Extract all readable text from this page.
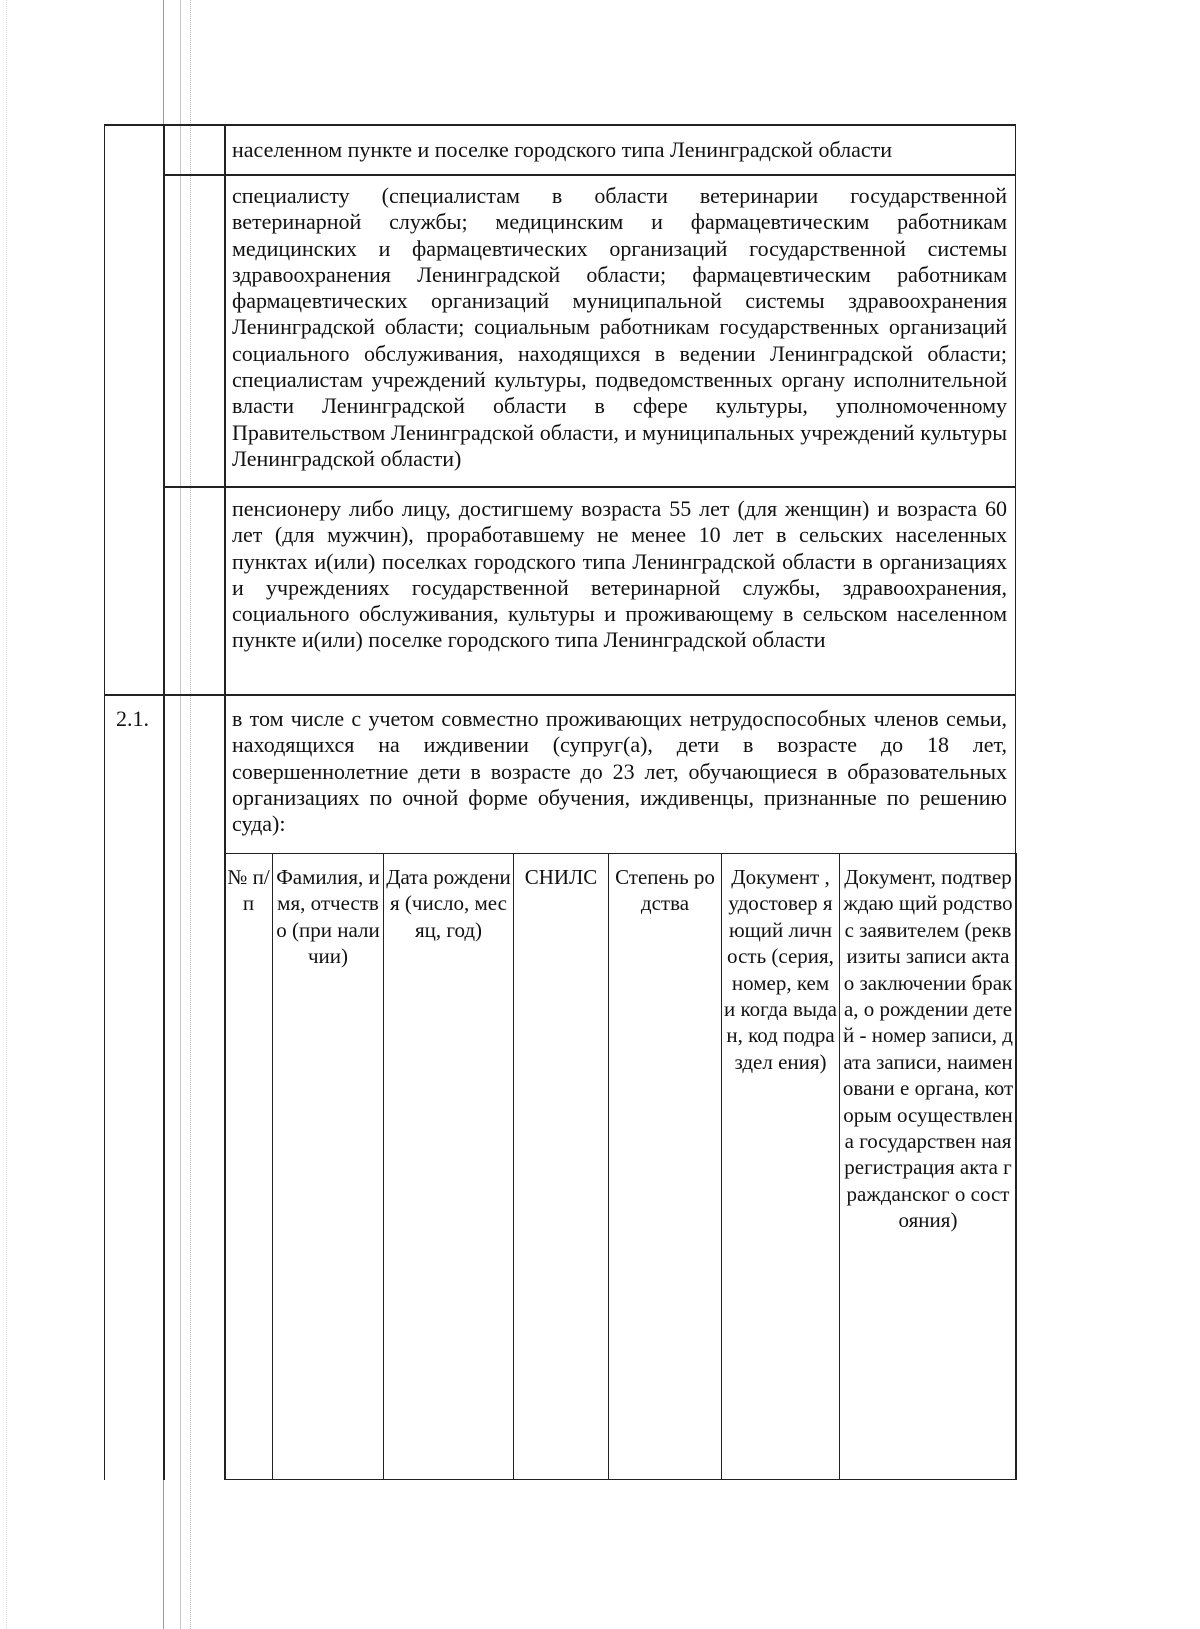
населенном пункте и поселке городского типа Ленинградской области
специалисту (специалистам в области ветеринарии государственной ветеринарной службы; медицинским и фармацевтическим работникам медицинских и фармацевтических организаций государственной системы здравоохранения Ленинградской области; фармацевтическим работникам фармацевтических организаций муниципальной системы здравоохранения Ленинградской области; социальным работникам государственных организаций социального обслуживания, находящихся в ведении Ленинградской области; специалистам учреждений культуры, подведомственных органу исполнительной власти Ленинградской области в сфере культуры, уполномоченному Правительством Ленинградской области, и муниципальных учреждений культуры Ленинградской области)
пенсионеру либо лицу, достигшему возраста 55 лет (для женщин) и возраста 60 лет (для мужчин), проработавшему не менее 10 лет в сельских населенных пунктах и(или) поселках городского типа Ленинградской области в организациях и учреждениях государственной ветеринарной службы, здравоохранения, социального обслуживания, культуры и проживающему в сельском населенном пункте и(или) поселке городского типа Ленинградской области
2.1.	в том числе с учетом совместно проживающих нетрудоспособных членов семьи, находящихся на иждивении (супруг(а), дети в возрасте до 18 лет, совершеннолетние дети в возрасте до 23 лет, обучающиеся в образовательных организациях по очной форме обучения, иждивенцы, признанные по решению суда):
№ п/п	Фамилия, имя, отчество (при наличии)	Дата рождения (число, месяц, год)	СНИЛС	Степень родства	Документ , удостовер яющий личность (серия, номер, кем и когда выдан, код подраздел ения)	Документ, подтверждаю щий родство с заявителем (реквизиты записи акта о заключении брака, о рождении детей - номер записи, дата записи, наименовани е органа, которым осуществлен а государствен ная регистрация акта гражданског о состояния)
